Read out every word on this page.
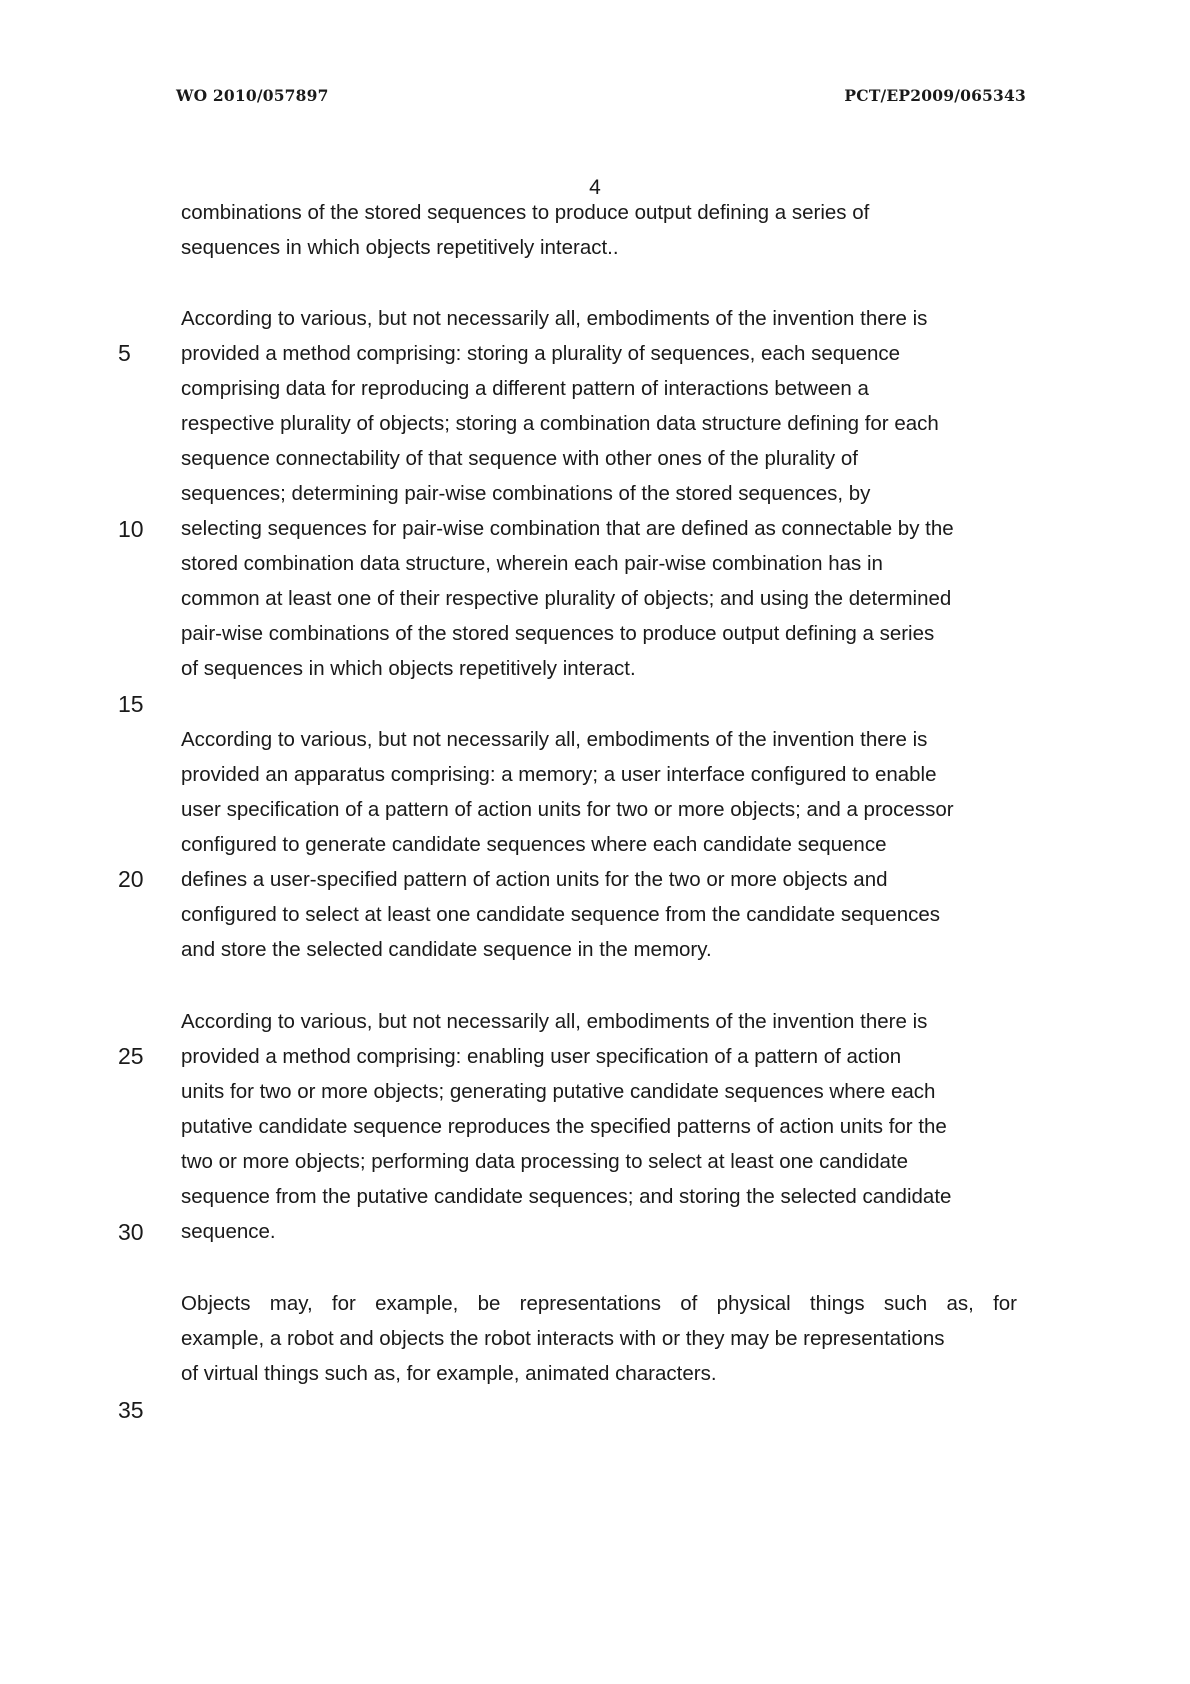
WO 2010/057897	PCT/EP2009/065343
4
combinations of the stored sequences to produce output defining a series of
sequences in which objects repetitively interact..
According to various, but not necessarily all, embodiments of the invention there is
provided a method comprising: storing a plurality of sequences, each sequence
comprising data for reproducing a different pattern of interactions between a
respective plurality of objects; storing a combination data structure defining for each
sequence connectability of that sequence with other ones of the plurality of
sequences; determining pair-wise combinations of the stored sequences, by
selecting sequences for pair-wise combination that are defined as connectable by the
stored combination data structure, wherein each pair-wise combination has in
common at least one of their respective plurality of objects; and using the determined
pair-wise combinations of the stored sequences to produce output defining a series
of sequences in which objects repetitively interact.
According to various, but not necessarily all, embodiments of the invention there is
provided an apparatus comprising: a memory; a user interface configured to enable
user specification of a pattern of action units for two or more objects; and a processor
configured to generate candidate sequences where each candidate sequence
defines a user-specified pattern of action units for the two or more objects and
configured to select at least one candidate sequence from the candidate sequences
and store the selected candidate sequence in the memory.
According to various, but not necessarily all, embodiments of the invention there is
provided a method comprising: enabling user specification of a pattern of action
units for two or more objects; generating putative candidate sequences where each
putative candidate sequence reproduces the specified patterns of action units for the
two or more objects; performing data processing to select at least one candidate
sequence from the putative candidate sequences; and storing the selected candidate
sequence.
Objects may, for example, be representations of physical things such as, for
example, a robot and objects the robot interacts with or they may be representations
of virtual things such as, for example, animated characters.
5
10
15
20
25
30
35
